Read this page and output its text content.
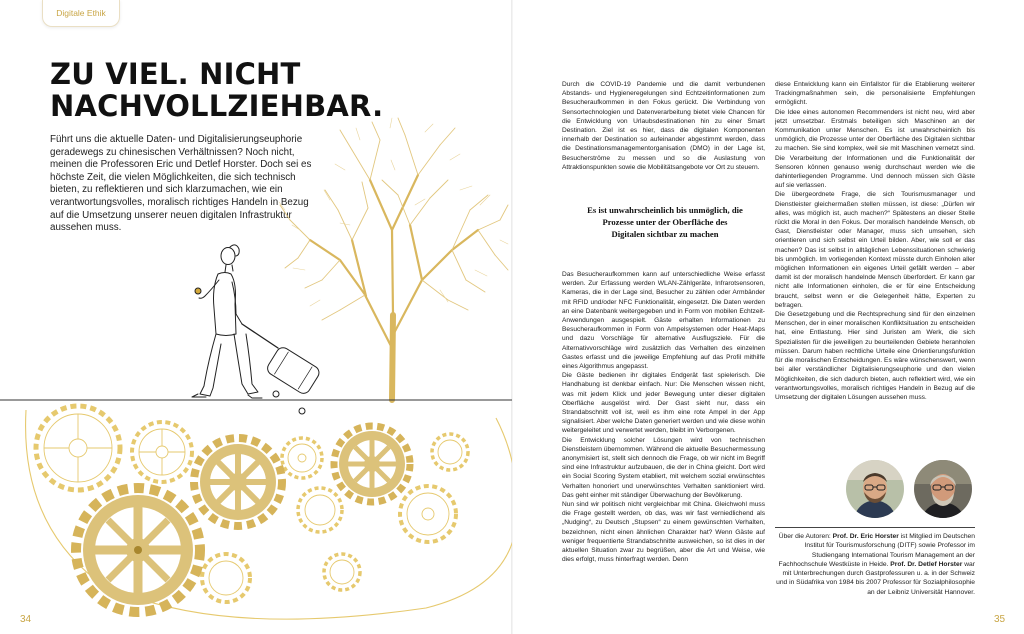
Digitale Ethik
ZU VIEL. NICHT NACHVOLLZIEHBAR.

Führt uns die aktuelle Daten- und Digitalisierungseuphorie geradewegs zu chinesischen Verhältnissen? Noch nicht, meinen die Professoren Eric und Detlef Horster. Doch sei es höchste Zeit, die vielen Möglichkeiten, die sich technisch bieten, zu reflektieren und sich klarzumachen, wie ein verantwortungsvolles, moralisch richtiges Handeln in Bezug auf die Umsetzung unserer neuen digitalen Infrastruktur aussehen muss.

Durch die COVID-19 Pandemie und die damit verbundenen Abstands- und Hygieneregelungen sind Echtzeitinformationen zum Besucheraufkommen in den Fokus gerückt. Die Verbindung von Sensortechnologien und Datenverarbeitung bietet viele Chancen für die Entwicklung von Urlaubsdestinationen hin zu einer Smart Destination. Ziel ist es hier, dass die digitalen Komponenten innerhalb der Destination so aufeinander abgestimmt werden, dass die Destinationsmanagementorganisation (DMO) in der Lage ist, Besucherströme zu messen und so die Auslastung von Attraktionspunkten sowie die Mobilitätsangebote vor Ort zu steuern.

Es ist unwahrscheinlich bis unmöglich, die Prozesse unter der Oberfläche des Digitalen sichtbar zu machen

Das Besucheraufkommen kann auf unterschiedliche Weise erfasst werden. Zur Erfassung werden WLAN-Zählgeräte, Infrarotsensoren, Kameras, die in der Lage sind, Besucher zu zählen oder Armbänder mit RFID und/oder NFC Funktionalität, eingesetzt. Die Daten werden an eine Datenbank weitergegeben und in Form von mobilen Echtzeit-Anwendungen ausgespielt. Gäste erhalten Informationen zu Besucheraufkommen in Form von Ampelsystemen oder Heat-Maps und dazu Vorschläge für alternative Ausflugsziele. Für die Alternativvorschläge wird zusätzlich das Verhalten des einzelnen Gastes erfasst und die jeweilige Empfehlung auf das Profil mithilfe eines Algorithmus angepasst.

Die Gäste bedienen ihr digitales Endgerät fast spielerisch. Die Handhabung ist denkbar einfach. Nur: Die Menschen wissen nicht, was mit jedem Klick und jeder Bewegung unter dieser digitalen Oberfläche ausgelöst wird. Der Gast sieht nur, dass ein Strandabschnitt voll ist, weil es ihm eine rote Ampel in der App signalisiert. Aber welche Daten generiert werden und wie diese wohin weitergeleitet und verwertet werden, bleibt im Verborgenen.

Die Entwicklung solcher Lösungen wird von technischen Dienstleistern übernommen. Während die aktuelle Besuchermessung anonymisiert ist, stellt sich dennoch die Frage, ob wir nicht im Begriff sind eine Infrastruktur aufzubauen, die der in China gleicht. Dort wird ein Social Scoring System etabliert, mit welchem sozial erwünschtes Verhalten honoriert und unerwünschtes Verhalten sanktioniert wird. Das geht einher mit ständiger Überwachung der Bevölkerung.

Nun sind wir politisch nicht vergleichbar mit China. Gleichwohl muss die Frage gestellt werden, ob das, was wir fast verniedlichend als „Nudging“, zu Deutsch „Stupsen“ zu einem gewünschten Verhalten, bezeichnen, nicht einen ähnlichen Charakter hat? Wenn Gäste auf weniger frequentierte Strandabschnitte ausweichen, so ist dies in der aktuellen Situation zwar zu begrüßen, aber die Art und Weise, wie dies erfolgt, muss hinterfragt werden. Denn

diese Entwicklung kann ein Einfallstor für die Etablierung weiterer Trackingmaßnahmen sein, die personalisierte Empfehlungen ermöglicht.

Die Idee eines autonomen Recommenders ist nicht neu, wird aber jetzt umsetzbar. Erstmals beteiligen sich Maschinen an der Kommunikation unter Menschen. Es ist unwahrscheinlich bis unmöglich, die Prozesse unter der Oberfläche des Digitalen sichtbar zu machen. Sie sind komplex, weil sie mit Maschinen vernetzt sind. Die Verarbeitung der Informationen und die Funktionalität der Sensoren können genauso wenig durchschaut werden wie die dahinterliegenden Programme. Und dennoch müssen sich Gäste auf sie verlassen.

Die übergeordnete Frage, die sich Tourismusmanager und Dienstleister gleichermaßen stellen müssen, ist diese: „Dürfen wir alles, was möglich ist, auch machen?“ Spätestens an dieser Stelle rückt die Moral in den Fokus. Der moralisch handelnde Mensch, ob Gast, Dienstleister oder Manager, muss sich umsehen, sich orientieren und sich selbst ein Urteil bilden. Aber, wie soll er das machen? Das ist selbst in alltäglichen Lebenssituationen schwierig bis unmöglich. Im vorliegenden Kontext müsste durch Einholen aller möglichen Informationen ein eigenes Urteil gefällt werden – aber damit ist der moralisch handelnde Mensch überfordert. Er kann gar nicht alle Informationen einholen, die er für eine Entscheidung braucht, selbst wenn er die Gelegenheit hätte, Experten zu befragen.

Die Gesetzgebung und die Rechtsprechung sind für den einzelnen Menschen, der in einer moralischen Konfliktsituation zu entscheiden hat, eine Entlastung. Hier sind Juristen am Werk, die sich Spezialisten für die jeweiligen zu beurteilenden Gebiete heranholen müssen. Darum haben rechtliche Urteile eine Orientierungsfunktion für die moralischen Entscheidungen. Es wäre wünschenswert, wenn bei aller verständlicher Digitalisierungseuphorie und den vielen Möglichkeiten, die sich dadurch bieten, auch reflektiert wird, wie ein verantwortungsvolles, moralisch richtiges Handeln in Bezug auf die Umsetzung der digitalen Lösungen aussehen muss.

Über die Autoren: Prof. Dr. Eric Horster ist Mitglied im Deutschen Institut für Tourismusforschung (DITF) sowie Professor im Studiengang International Tourism Management an der Fachhochschule Westküste in Heide. Prof. Dr. Detlef Horster war mit Unterbrechungen durch Gastprofessuren u. a. in der Schweiz und in Südafrika von 1984 bis 2007 Professor für Sozialphilosophie an der Leibniz Universität Hannover.

34	35
